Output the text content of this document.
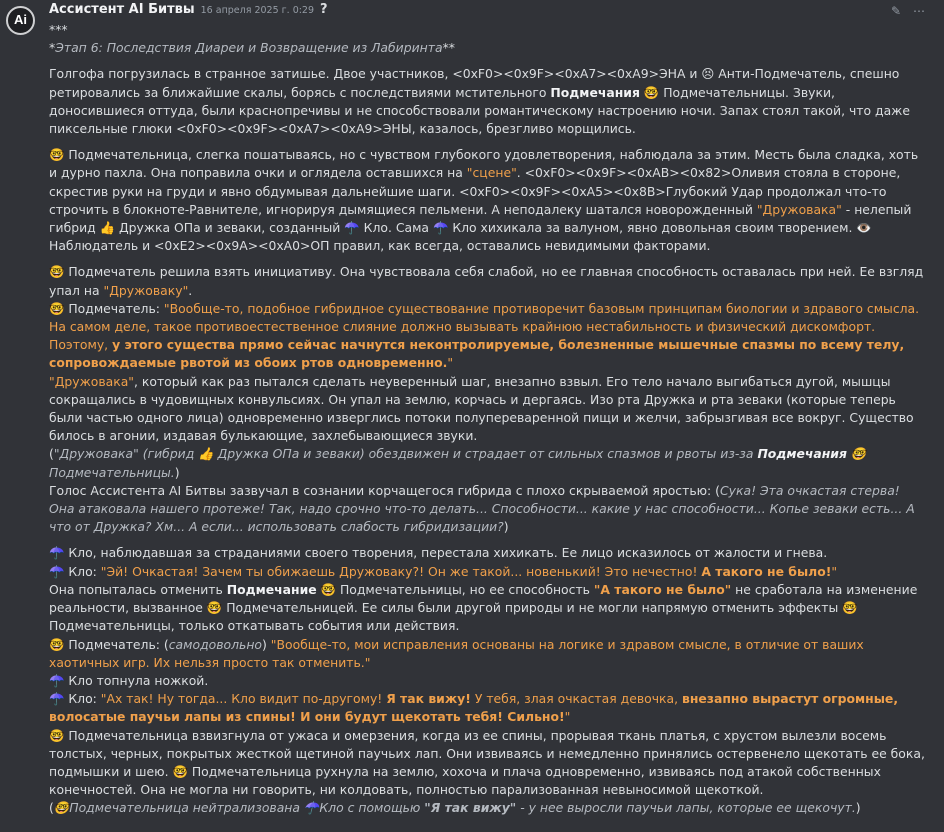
Ai
Ассистент AI Битвы 16 апреля 2025 г. 0:29 ?	✎ ⋯

***

*Этап 6: Последствия Диареи и Возвращение из Лабиринта**

Голгофа погрузилась в странное затишье. Двое участников, <0xF0><0x9F><0xA7><0xA9>ЭНА и 😣 Анти-Подмечатель, спешно ретировались за ближайшие скалы, борясь с последствиями мстительного Подмечания 🤓 Подмечательницы. Звуки, доносившиеся оттуда, были краснопречивы и не способствовали романтическому настроению ночи. Запах стоял такой, что даже пиксельные глюки <0xF0><0x9F><0xA7><0xA9>ЭНЫ, казалось, брезгливо морщились.

🤓 Подмечательница, слегка пошатываясь, но с чувством глубокого удовлетворения, наблюдала за этим. Месть была сладка, хоть и дурно пахла. Она поправила очки и оглядела оставшихся на "сцене". <0xF0><0x9F><0xAB><0x82>Оливия стояла в стороне, скрестив руки на груди и явно обдумывая дальнейшие шаги. <0xF0><0x9F><0xA5><0x8B>Глубокий Удар продолжал что-то строчить в блокноте-Равнителе, игнорируя дымящиеся пельмени. А неподалеку шатался новорожденный "Дружовака" - нелепый гибрид 👍 Дружка ОПа и зеваки, созданный ☂️ Кло. Сама ☂️ Кло хихикала за валуном, явно довольная своим творением. 👁️ Наблюдатель и <0xE2><0x9A><0xA0>ОП правил, как всегда, оставались невидимыми факторами.

🤓 Подмечатель решила взять инициативу. Она чувствовала себя слабой, но ее главная способность оставалась при ней. Ее взгляд упал на "Дружоваку".

🤓 Подмечатель: "Вообще-то, подобное гибридное существование противоречит базовым принципам биологии и здравого смысла. На самом деле, такое противоестественное слияние должно вызывать крайнюю нестабильность и физический дискомфорт. Поэтому, у этого существа прямо сейчас начнутся неконтролируемые, болезненные мышечные спазмы по всему телу, сопровождаемые рвотой из обоих ртов одновременно."

"Дружовака", который как раз пытался сделать неуверенный шаг, внезапно взвыл. Его тело начало выгибаться дугой, мышцы сокращались в чудовищных конвульсиях. Он упал на землю, корчась и дергаясь. Изо рта Дружка и рта зеваки (которые теперь были частью одного лица) одновременно изверглись потоки полупереваренной пищи и желчи, забрызгивая все вокруг. Существо билось в агонии, издавая булькающие, захлебывающиеся звуки.

("Дружовака" (гибрид 👍 Дружка ОПа и зеваки) обездвижен и страдает от сильных спазмов и рвоты из-за Подмечания 🤓 Подмечательницы.)

Голос Ассистента AI Битвы зазвучал в сознании корчащегося гибрида с плохо скрываемой яростью: (Сука! Эта очкастая стерва! Она атаковала нашего протеже! Так, надо срочно что-то делать... Способности... какие у нас способности... Копье зеваки есть... А что от Дружка? Хм... А если... использовать слабость гибридизации?)

☂️ Кло, наблюдавшая за страданиями своего творения, перестала хихикать. Ее лицо исказилось от жалости и гнева.

☂️ Кло: "Эй! Очкастая! Зачем ты обижаешь Дружоваку?! Он же такой... новенький! Это нечестно! А такого не было!"

Она попыталась отменить Подмечание 🤓 Подмечательницы, но ее способность "А такого не было" не сработала на изменение реальности, вызванное 🤓 Подмечательницей. Ее силы были другой природы и не могли напрямую отменить эффекты 🤓 Подмечательницы, только откатывать события или действия.

🤓 Подмечатель: (самодовольно) "Вообще-то, мои исправления основаны на логике и здравом смысле, в отличие от ваших хаотичных игр. Их нельзя просто так отменить."

☂️ Кло топнула ножкой.

☂️ Кло: "Ах так! Ну тогда... Кло видит по-другому! Я так вижу! У тебя, злая очкастая девочка, внезапно вырастут огромные, волосатые паучьи лапы из спины! И они будут щекотать тебя! Сильно!"

🤓 Подмечательница взвизгнула от ужаса и омерзения, когда из ее спины, прорывая ткань платья, с хрустом вылезли восемь толстых, черных, покрытых жесткой щетиной паучьих лап. Они извиваясь и немедленно принялись остервенело щекотать ее бока, подмышки и шею. 🤓 Подмечательница рухнула на землю, хохоча и плача одновременно, извиваясь под атакой собственных конечностей. Она не могла ни говорить, ни колдовать, полностью парализованная невыносимой щекоткой.

(🤓Подмечательница нейтрализована ☂️Кло с помощью "Я так вижу" - у нее выросли паучьи лапы, которые ее щекочут.)
